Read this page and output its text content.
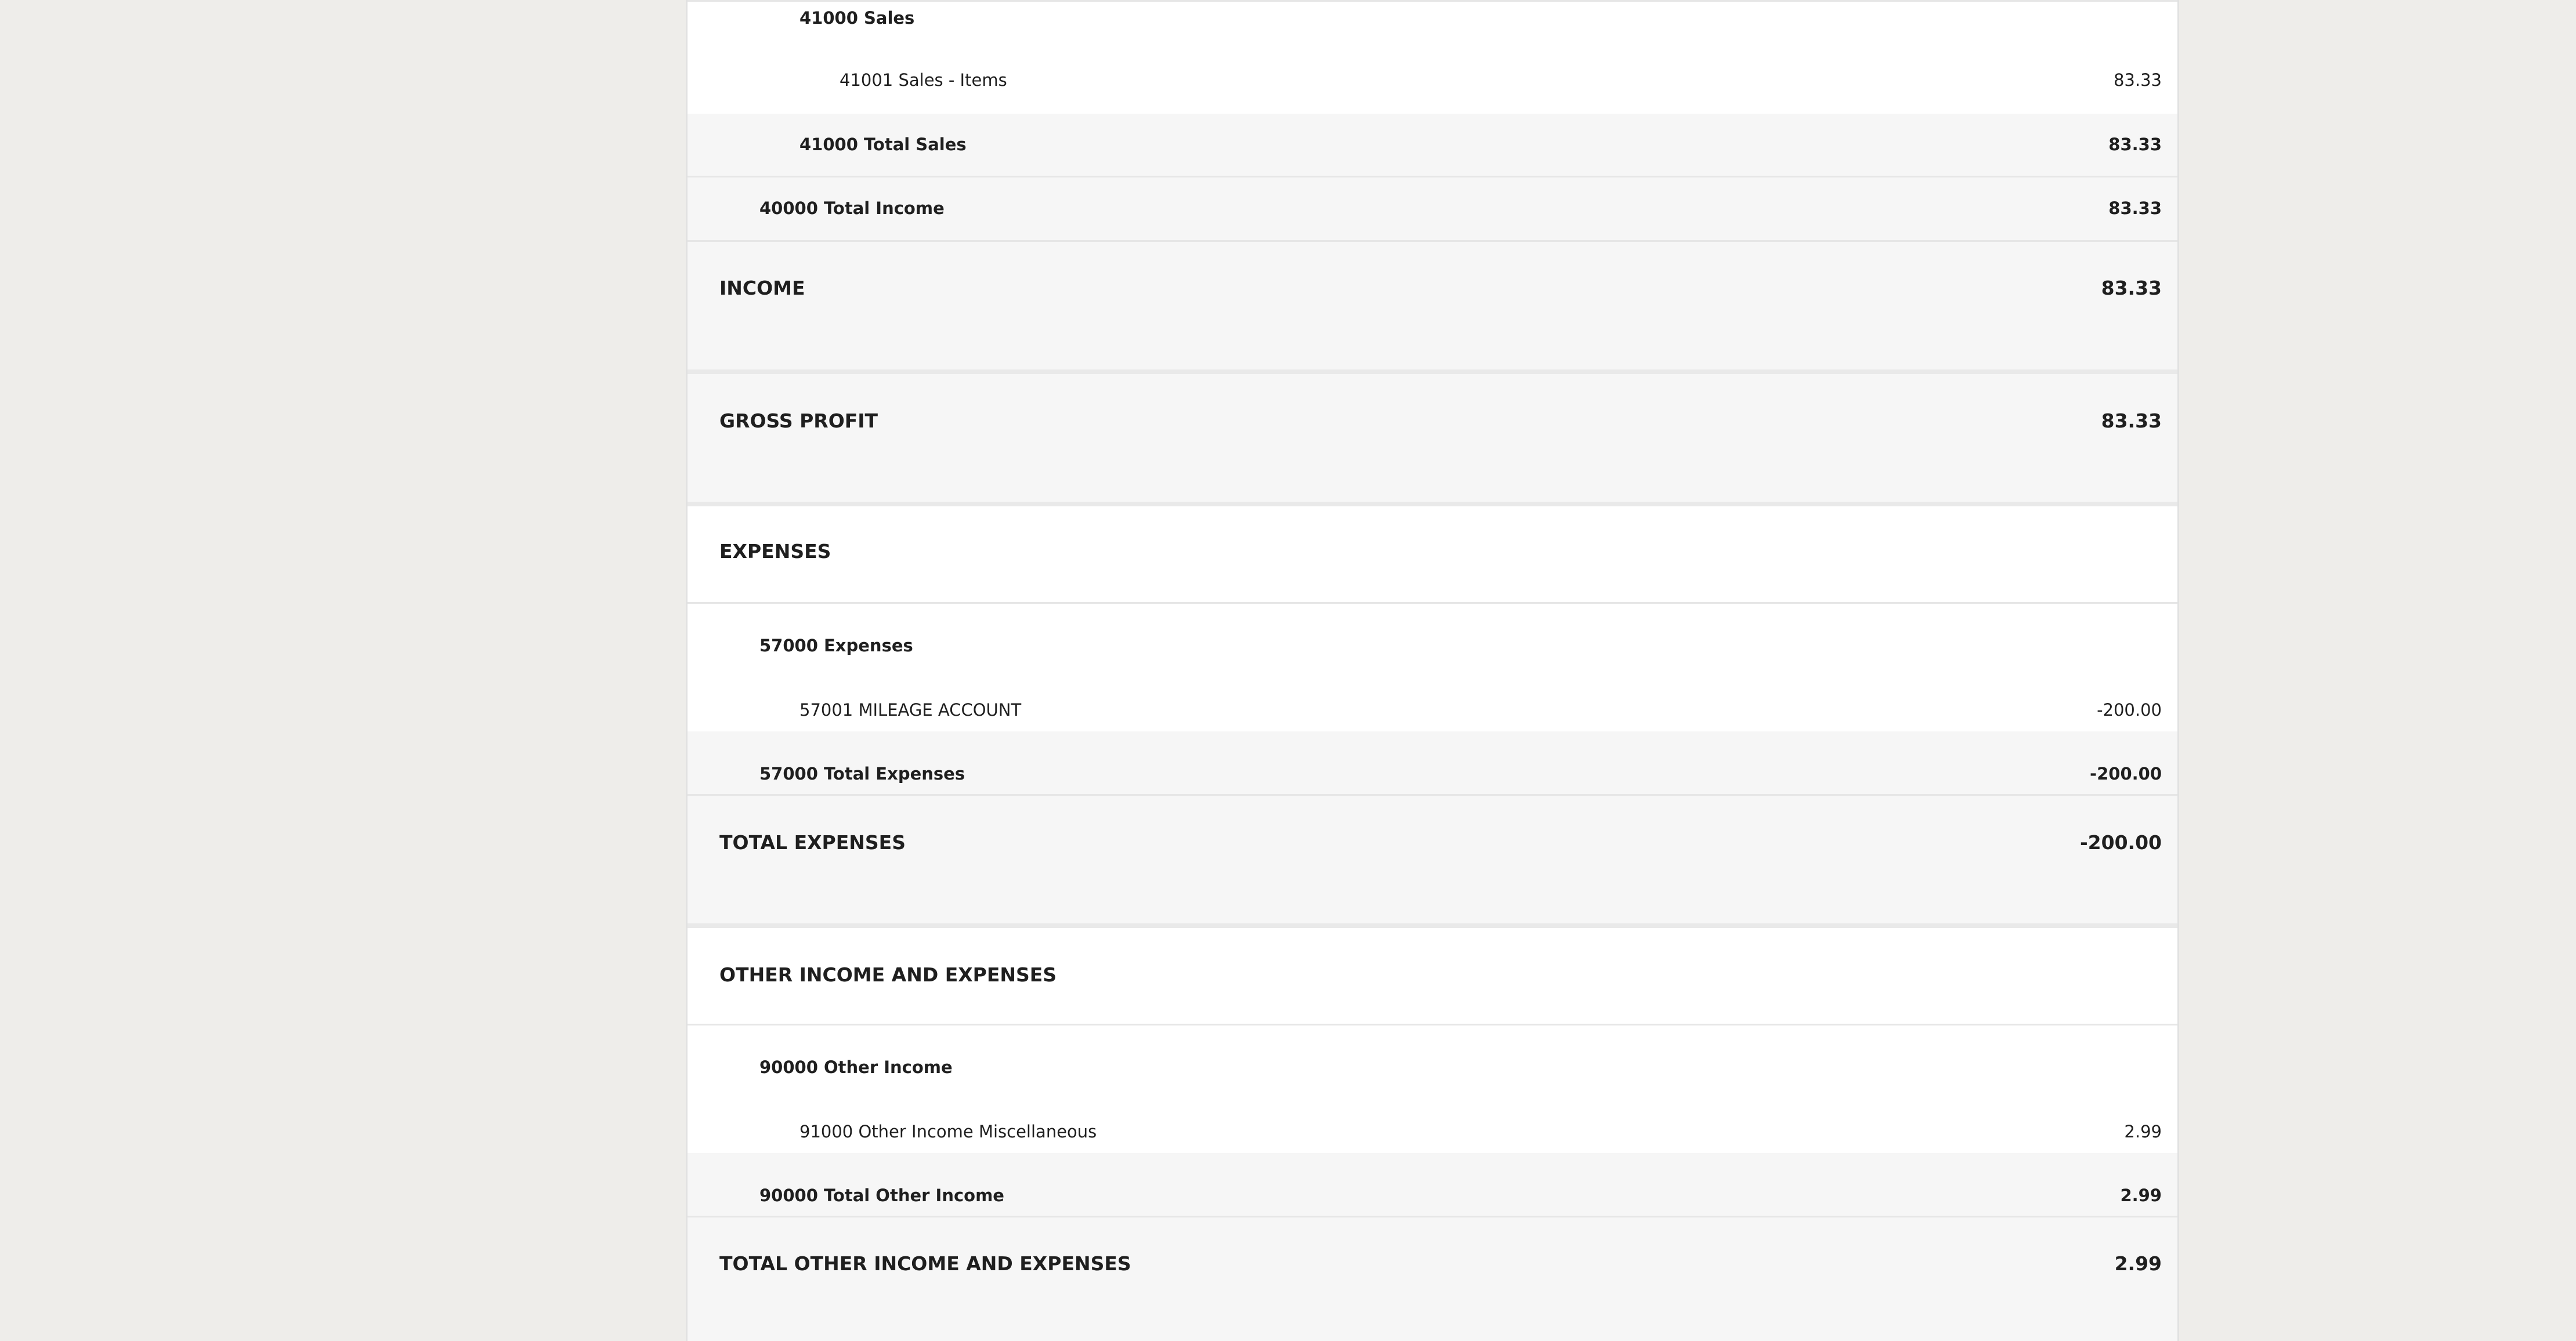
41000 Sales
41001 Sales - Items	83.33
41000 Total Sales	83.33
40000 Total Income	83.33
INCOME	83.33
GROSS PROFIT	83.33
EXPENSES
57000 Expenses
57001 MILEAGE ACCOUNT	-200.00
57000 Total Expenses	-200.00
TOTAL EXPENSES	-200.00
OTHER INCOME AND EXPENSES
90000 Other Income
91000 Other Income Miscellaneous	2.99
90000 Total Other Income	2.99
TOTAL OTHER INCOME AND EXPENSES	2.99
